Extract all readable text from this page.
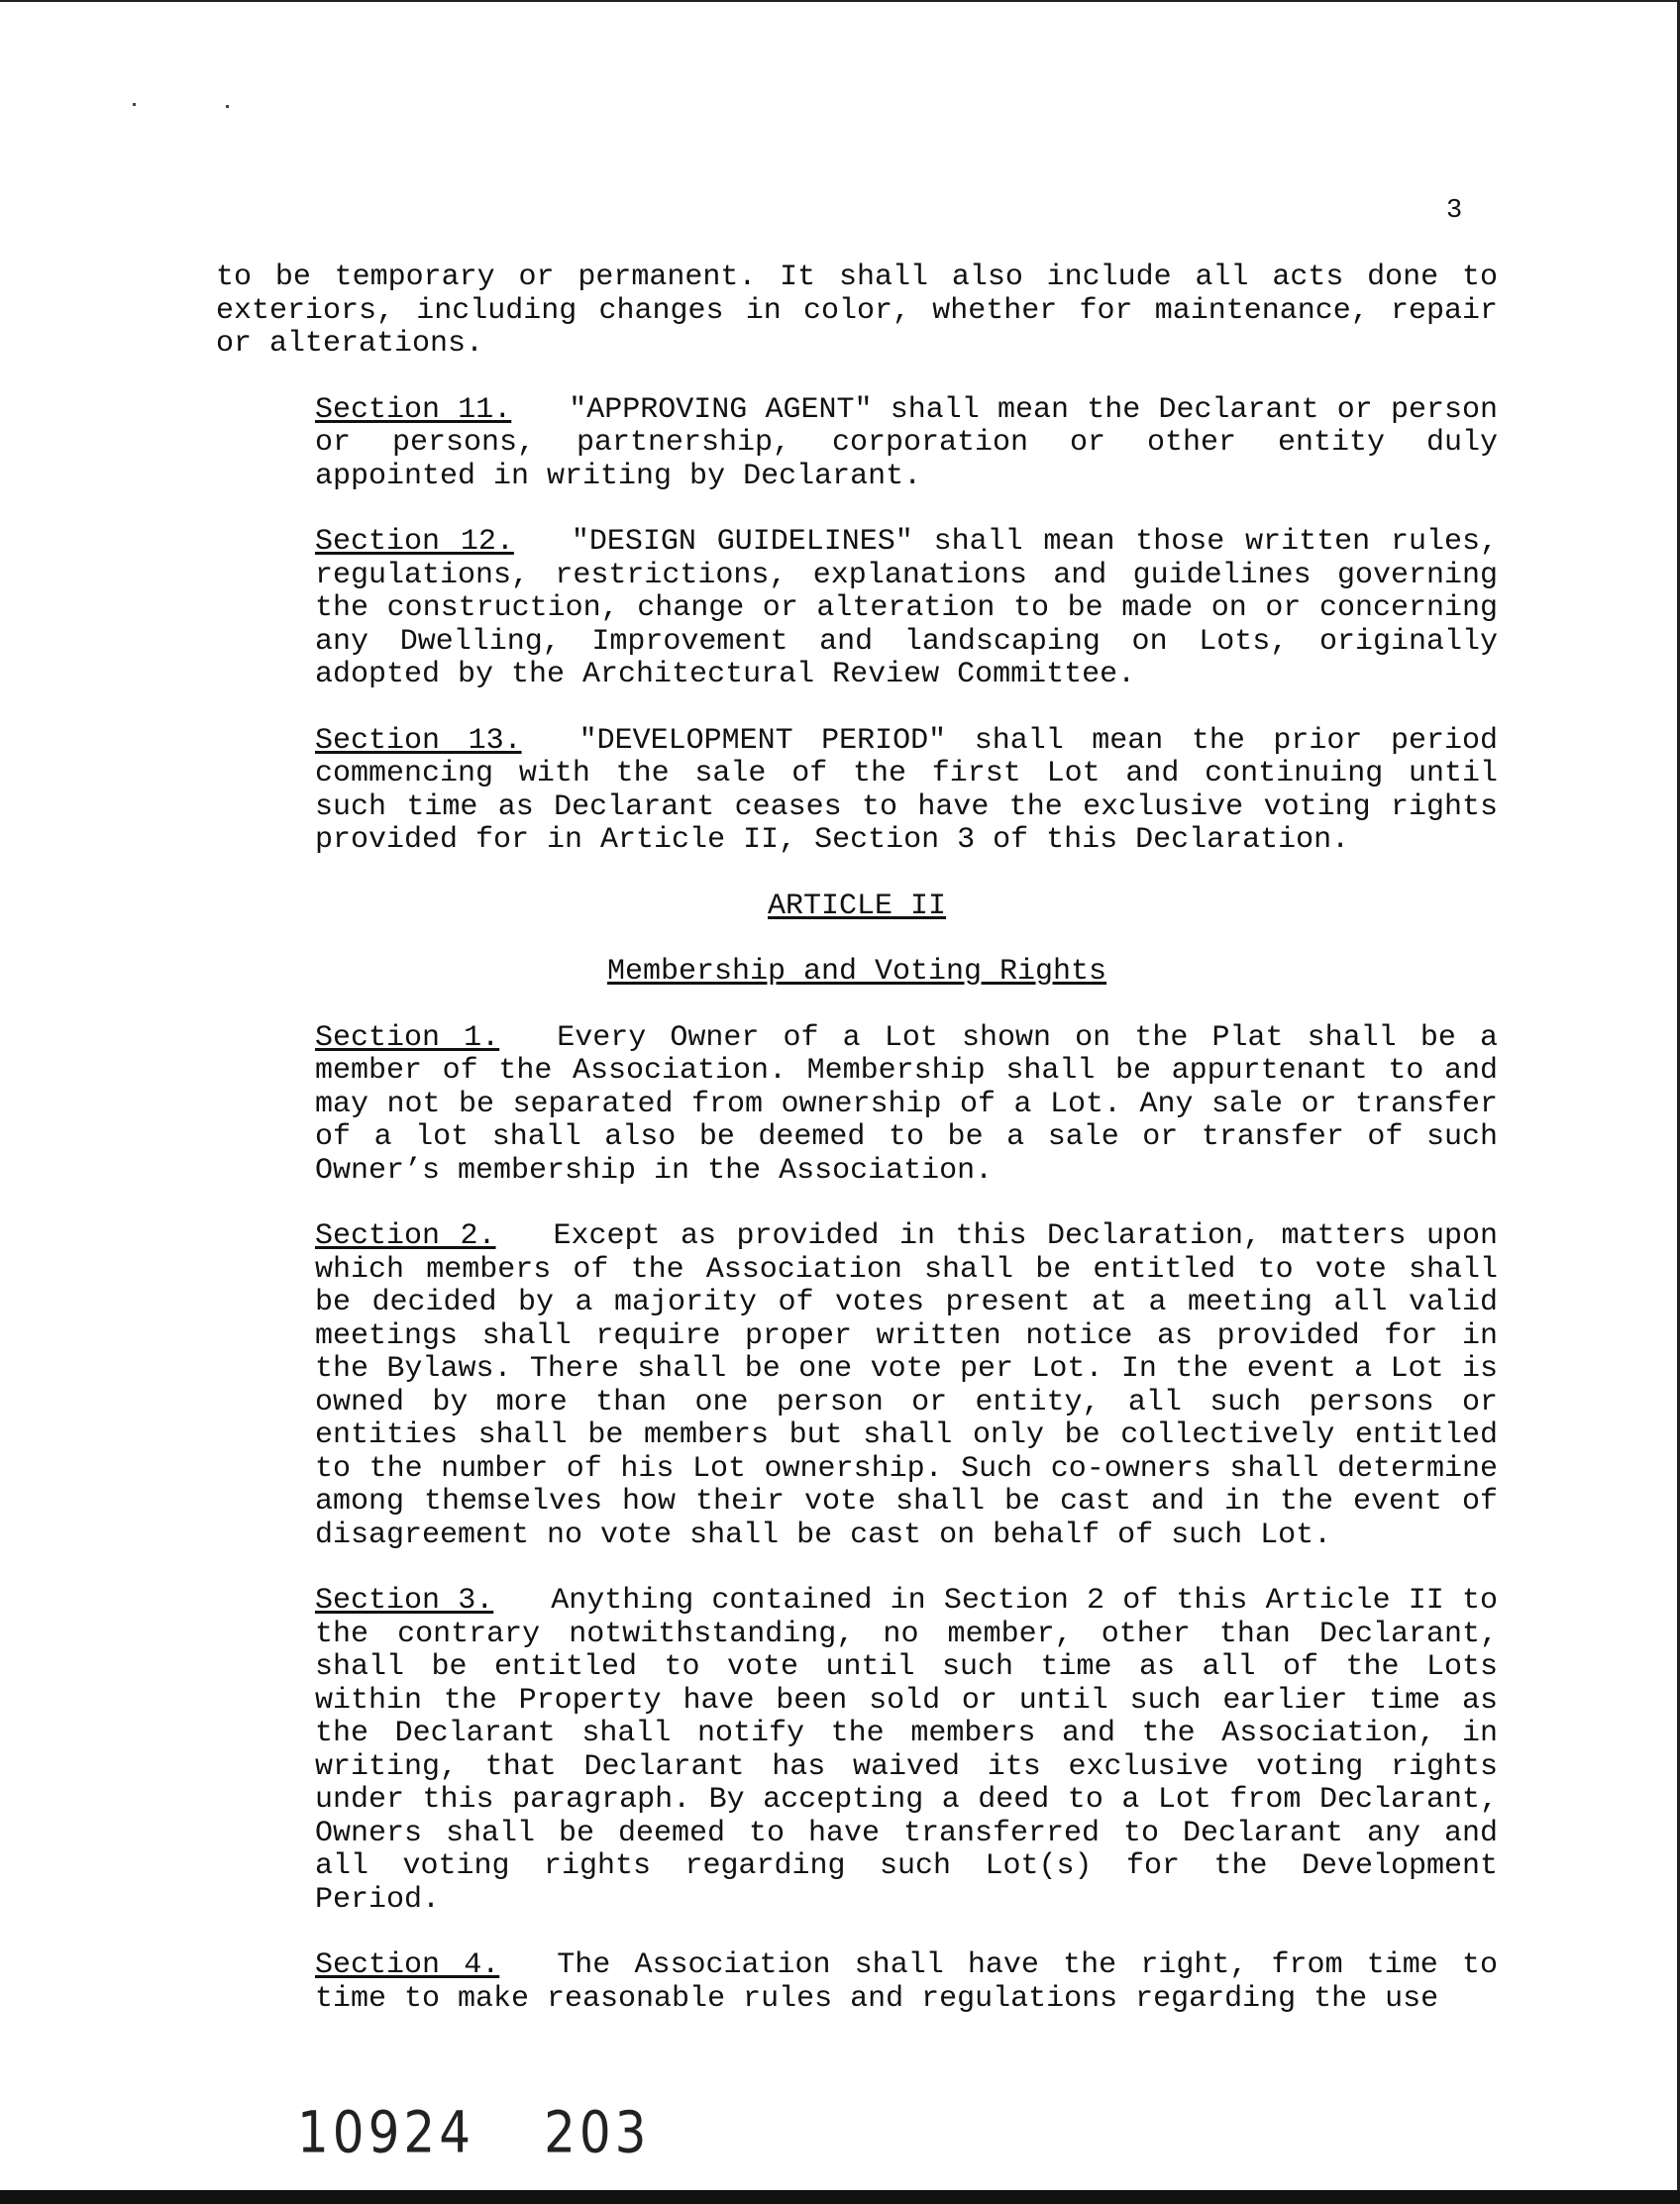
3

to be temporary or permanent. It shall also include all acts done to exteriors, including changes in color, whether for maintenance, repair or alterations.

Section 11. "APPROVING AGENT" shall mean the Declarant or person or persons, partnership, corporation or other entity duly appointed in writing by Declarant.

Section 12. "DESIGN GUIDELINES" shall mean those written rules, regulations, restrictions, explanations and guidelines governing the construction, change or alteration to be made on or concerning any Dwelling, Improvement and landscaping on Lots, originally adopted by the Architectural Review Committee.

Section 13. "DEVELOPMENT PERIOD" shall mean the prior period commencing with the sale of the first Lot and continuing until such time as Declarant ceases to have the exclusive voting rights provided for in Article II, Section 3 of this Declaration.

ARTICLE II

Membership and Voting Rights

Section 1. Every Owner of a Lot shown on the Plat shall be a member of the Association. Membership shall be appurtenant to and may not be separated from ownership of a Lot. Any sale or transfer of a lot shall also be deemed to be a sale or transfer of such Owner’s membership in the Association.

Section 2. Except as provided in this Declaration, matters upon which members of the Association shall be entitled to vote shall be decided by a majority of votes present at a meeting all valid meetings shall require proper written notice as provided for in the Bylaws. There shall be one vote per Lot. In the event a Lot is owned by more than one person or entity, all such persons or entities shall be members but shall only be collectively entitled to the number of his Lot ownership. Such co-owners shall determine among themselves how their vote shall be cast and in the event of disagreement no vote shall be cast on behalf of such Lot.

Section 3. Anything contained in Section 2 of this Article II to the contrary notwithstanding, no member, other than Declarant, shall be entitled to vote until such time as all of the Lots within the Property have been sold or until such earlier time as the Declarant shall notify the members and the Association, in writing, that Declarant has waived its exclusive voting rights under this paragraph. By accepting a deed to a Lot from Declarant, Owners shall be deemed to have transferred to Declarant any and all voting rights regarding such Lot(s) for the Development Period.

Section 4. The Association shall have the right, from time to time to make reasonable rules and regulations regarding the use

10924 203
